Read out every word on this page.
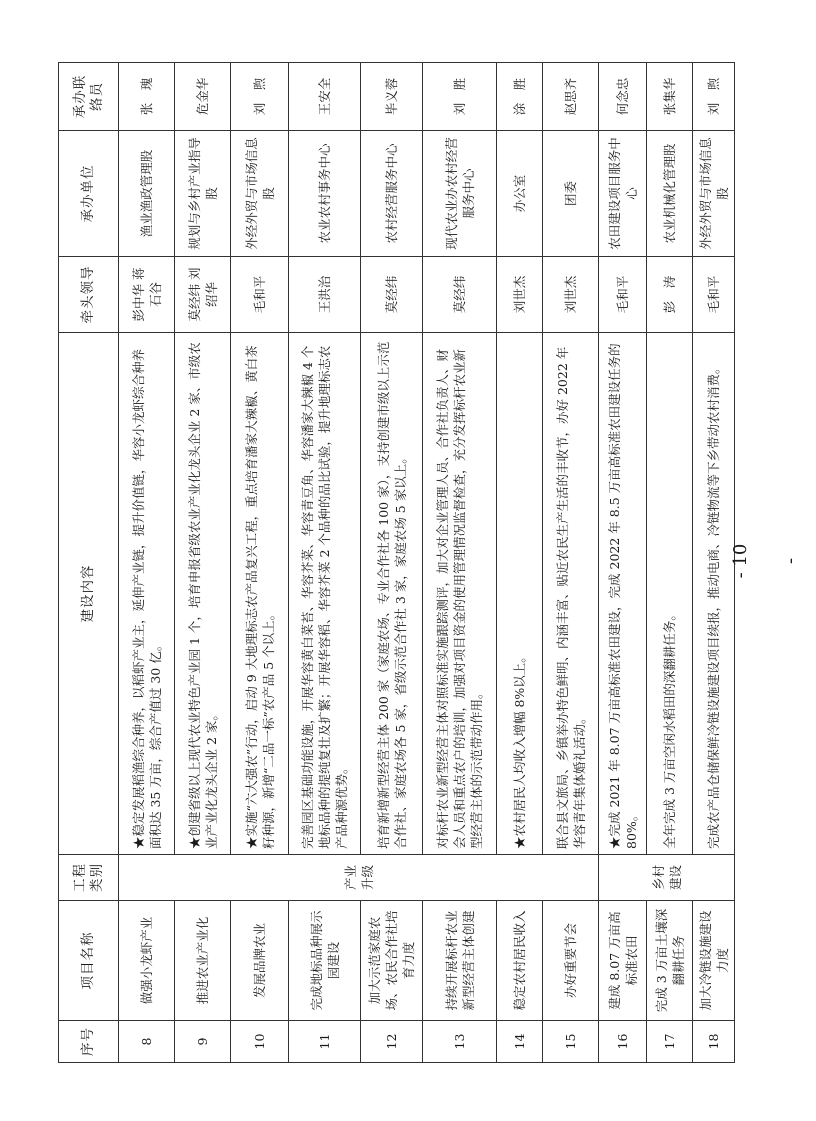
序号	项目名称	工程类别	建设内容	牵头领导	承办单位	承办联络员
8	做强小龙虾产业	产业升级	★稳定发展稻渔综合种养，以稻虾产业主，延伸产业链，提升价值链，华容小龙虾综合种养面积达 35 万亩，综合产值过 30 亿。	彭中华 蒋石谷	渔业渔政管理股	张　瑰
9	推进农业产业化		★创建省级以上现代农业特色产业园 1 个，培育申报省级农业产业化龙头企业 2 家、市级农业产业化龙头企业 2 家。	莫经纬 刘绍华	规划与乡村产业指导股	危金华
10	发展品牌农业		★实施“六大强农”行动，启动 9 大地理标志农产品复兴工程，重点培育潘家大辣椒、黄白茶籽种源，新增“二品一标”农产品 5 个以上。	毛和平	外经外贸与市场信息股	刘　煦
11	完成地标品种展示园建设		完善园区基础功能设施，开展华容黄白菜苔、华容芥菜、华容青豆角、华容潘家大辣椒 4 个地标品种的提纯复壮及扩繁；开展华容稻、华容芥菜 2 个品种的品比试验，提升地理标志农产品种源优势。	王洪治	农业农村事务中心	王安全
12	加大示范家庭农场、农民合作社培育力度		培育新增新型经营主体 200 家（家庭农场、专业合作社各 100 家），支持创建市级以上示范合作社、家庭农场各 5 家，省级示范合作社 3 家，家庭农场 5 家以上。	莫经纬	农村经营服务中心	毕义蓉
13	持续开展标杆农业新型经营主体创建		对标杆农业新型经营主体对照标准实施跟踪测评，加大对企业管理人员、合作社负责人、财会人员和重点农户的培训，加强对项目资金的使用管理情况监督检查，充分发挥标杆农业新型经营主体的示范带动作用。	莫经纬	现代农业办农村经营服务中心	刘　胜
14	稳定农村居民收入		★农村居民人均收入增幅 8%以上。	刘世杰	办公室	涂　胜
15	办好重要节会		联合县文旅局、乡镇举办特色鲜明、内涵丰富、贴近农民生产生活的丰收节，办好 2022 年华容青年集体婚礼活动。	刘世杰	团委	赵思齐
16	建成 8.07 万亩高标准农田	乡村建设	★完成 2021 年 8.07 万亩高标准农田建设，完成 2022 年 8.5 万亩高标准农田建设任务的 80%。	毛和平	农田建设项目服务中心	何念忠
17	完成 3 万亩土壤深翻耕任务		全年完成 3 万亩空闲水稻田的深翻耕任务。	彭　涛	农业机械化管理股	张集华
18	加大冷链设施建设力度		完成农产品仓储保鲜冷链设施建设项目续报，推动电商、冷链物流等下乡带动农村消费。	毛和平	外经外贸与市场信息股	刘　煦
- 10 -
